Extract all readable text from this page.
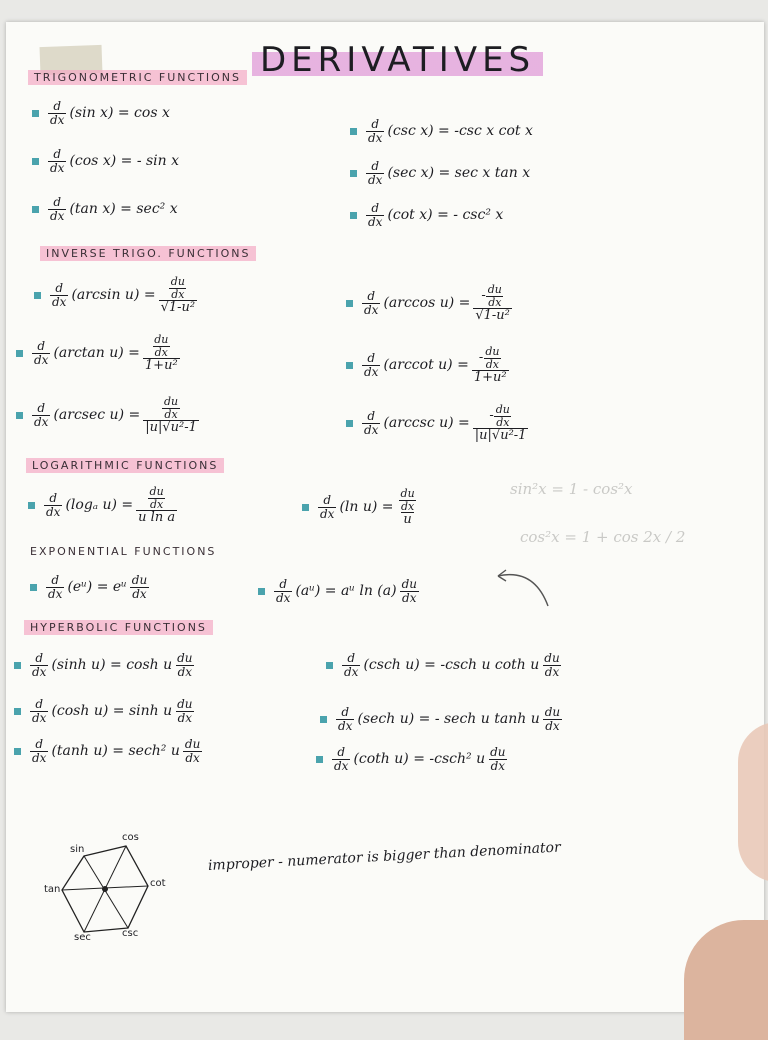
DERIVATIVES
TRIGONOMETRIC FUNCTIONS
$\frac{d}{dx} (\sin$ x) =
cos x
$\frac{d}{dx} (\cos$ x) =
- sin x
$\frac{d}{dx} (\tan$ x) =
sec² x
$\frac{d}{dx} (\csc$ x) =
-csc x cot x
$\frac{d}{dx} (\sec$ x) =
sec x tan x
$\frac{d}{dx} (\cot$ x) =
- csc² x
INVERSE TRIGO. FUNCTIONS
$\frac{d}{dx} (\arcsin$ u) = du
dx
√1-u²	$\frac{d}{dx} (\arccos$ u) = - du
dx
√1-u²
$\frac{d}{dx} (\arctan$ u) = du
dx
1+u²	$\frac{d}{dx} (arccot$ u) = - du
dx
1+u²
$\frac{d}{dx} (arcsec$ u) = du
dx
|u|√u²-1	$\frac{d}{dx} (arccsc$ u) = - du
dx
|u|√u²-1
LOGARITHMIC FUNCTIONS
$\frac{d}{dx} (\log_a$ u) = du
dx
u ln a	$\frac{d}{dx} (\ln$ u) = du
dx
u	sin²x = 1 - cos²x
cos²x = 1 + cos 2x / 2
EXPONENTIAL FUNCTIONS
$\frac{d}{dx}$ (eᵘ) =
eᵘ $\frac{du}{dx}$	$\frac{d}{dx}$ (aᵘ) =
aᵘ $\ln (a) \frac{du}{dx}$
HYPERBOLIC FUNCTIONS
$\frac{d}{dx} (\sinh$ u) =
cosh u $\frac{du}{dx}$
$\frac{d}{dx} (\cosh$ u) =
sinh u $\frac{du}{dx}$
$\frac{d}{dx} (\tanh$ u) =
sech² u $\frac{du}{dx}$
$\frac{d}{dx} (\csc h$ u) =
-csch u coth u $\frac{du}{dx}$
$\frac{d}{dx} (\sec h$ u) =
- sech u tanh u $\frac{du}{dx}$
$\frac{d}{dx} (\cot h$ u) =
-csch² u $\frac{du}{dx}$
sin
cos
tan
cot
sec	csc
improper - numerator is bigger than denominator
